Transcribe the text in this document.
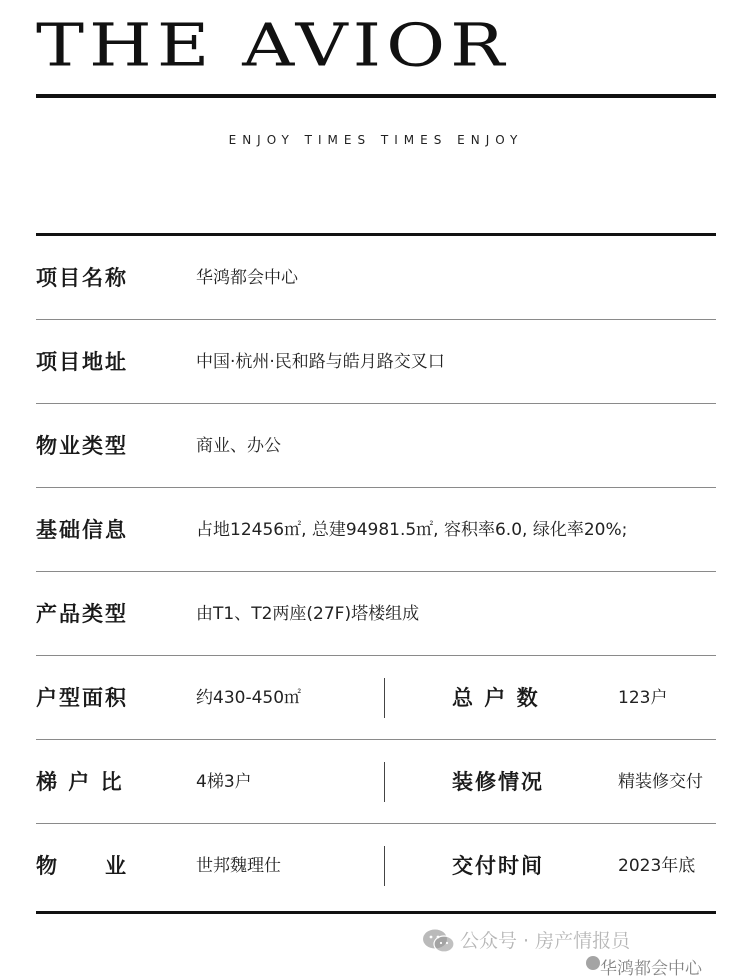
THE AVIOR
ENJOY TIMES TIMES ENJOY
项目名称	华鸿都会中心
项目地址	中国·杭州·民和路与皓月路交叉口
物业类型	商业、办公
基础信息	占地12456㎡, 总建94981.5㎡, 容积率6.0, 绿化率20%;
产品类型	由T1、T2两座(27F)塔楼组成
户型面积	约430-450㎡	总 户 数	123户
梯 户 比	4梯3户	装修情况	精装修交付
物　　业	世邦魏理仕	交付时间	2023年底
公众号 · 房产情报员
华鸿都会中心
